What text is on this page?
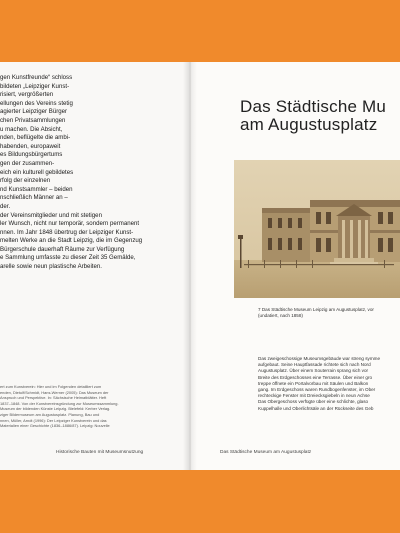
gen Kunstfreunde“ schloss
bildeten „Leipziger Kunst-
risiert, vergrößerten
ellungen des Vereins stetig
agierter Leipziger Bürger
chen Privatsammlungen
u machen. Die Absicht,
nden, beflügelte die ambi-
habenden, europaweit
es Bildungsbürgertums
gen der zusammen-
eich ein kulturell gebildetes
rfolg der einzelnen
nd Kunstsammler – beiden
nschließlich Männer an –
der.
der Vereinsmitglieder und mit stetigen
ler Wunsch, nicht nur temporär, sondern permanent
nnen. Im Jahr 1848 übertrug der Leipziger Kunst-
melten Werke an die Stadt Leipzig, die im Gegenzug
Bürgerschule dauerhaft Räume zur Verfügung
e Sammlung umfasste zu dieser Zeit 35 Gemälde,
arelle sowie neun plastische Arbeiten.
ert zum Kunstverein: Hier und im Folgenden detailliert zum
enden, Dietulf/Schmidt, Hans-Werner (2005): Das Museum der
Anspruch und Perspektive. In: Sächsische Heimatblätter. Heft
1837–1848. Von der Kunstvereinsgründung zur Museumssammlung.
Museum der bildenden Künste Leipzig. Bielefeld: Kerber Verlag.
ziger Bildermuseum am Augustusplatz. Planung, Bau und
nnen, Müller, Arndt (1996): Der Leipziger Kunstverein und das
Materialien einer Geschichte (1836–1886/87). Leipzig: Nouvelle
Historische Bauten mit Museumsnutzung
Das Städtische Mu
am Augustusplatz
7 Das Städtische Museum Leipzig am Augustusplatz, vor
(undatiert, nach 1858)
Das zweigeschossige Museumsgebäude war streng symme
aufgebaut. Seine Hauptfassade richtete sich nach Nord
Augustusplatz. Über einem Souterrain sprang sich vor
Breite des Erdgeschosses eine Terrasse. Über einer gro
treppe öffnete ein Portalvorbau mit Säulen und Balkon
gang. Im Erdgeschoss waren Rundbogenfenster, im Ober
rechteckige Fenster mit Dreiecksgiebeln in neun Achse
Das Obergeschoss verfügte über eine schlichte, glaso
Kuppelhalle und Oberlichtsäle an der Rückseite des Geb
Das Städtische Museum am Augustusplatz
